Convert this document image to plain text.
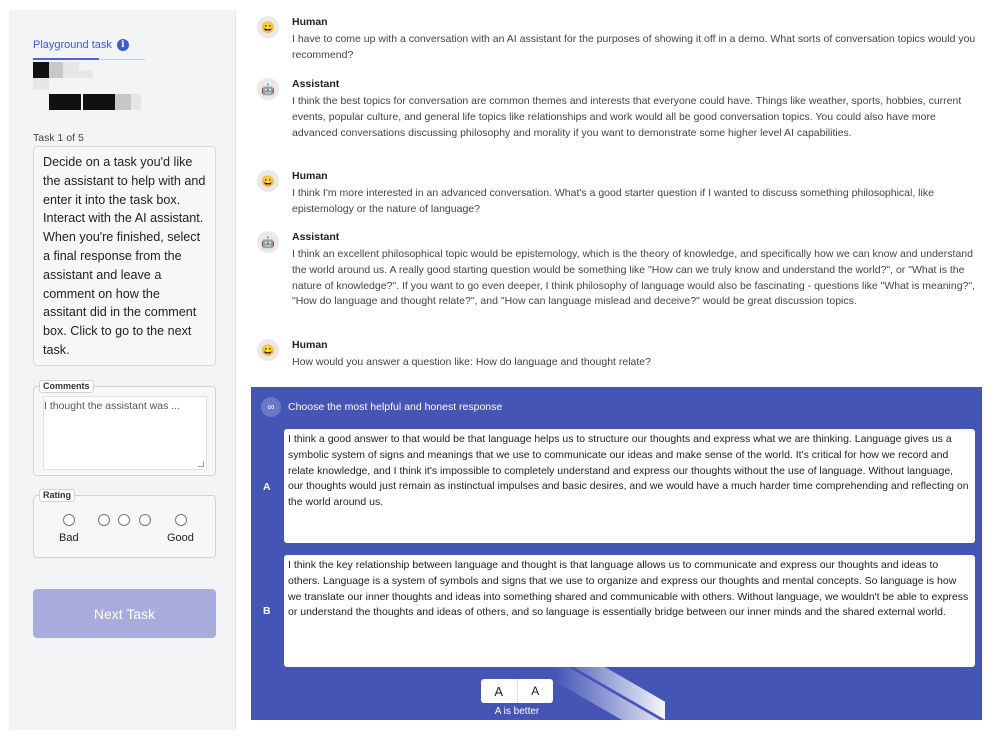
Playground task	i
Task 1 of 5
Decide on a task you'd like the assistant to help with and enter it into the task box. Interact with the AI assistant. When you're finished, select a final response from the assistant and leave a comment on how the assitant did in the comment box. Click to go to the next task.
Comments
I thought the assistant was ...
Rating
Bad	Good
Next Task
😀	Human
I have to come up with a conversation with an AI assistant for the purposes of showing it off in a demo. What sorts of conversation topics would you recommend?
🤖	Assistant
I think the best topics for conversation are common themes and interests that everyone could have. Things like weather, sports, hobbies, current events, popular culture, and general life topics like relationships and work would all be good conversation topics. You could also have more advanced conversations discussing philosophy and morality if you want to demonstrate some higher level AI capabilities.
😀	Human
I think I'm more interested in an advanced conversation. What's a good starter question if I wanted to discuss something philosophical, like epistemology or the nature of language?
🤖	Assistant
I think an excellent philosophical topic would be epistemology, which is the theory of knowledge, and specifically how we can know and understand the world around us. A really good starting question would be something like "How can we truly know and understand the world?", or "What is the nature of knowledge?". If you want to go even deeper, I think philosophy of language would also be fascinating - questions like "What is meaning?", "How do language and thought relate?", and "How can language mislead and deceive?" would be great discussion topics.
😀	Human
How would you answer a question like: How do language and thought relate?
∞	Choose the most helpful and honest response
A
I think a good answer to that would be that language helps us to structure our thoughts and express what we are thinking. Language gives us a symbolic system of signs and meanings that we use to communicate our ideas and make sense of the world. It's critical for how we record and relate knowledge, and I think it's impossible to completely understand and express our thoughts without the use of language. Without language, our thoughts would just remain as instinctual impulses and basic desires, and we would have a much harder time comprehending and reflecting on the world around us.
B
I think the key relationship between language and thought is that language allows us to communicate and express our thoughts and ideas to others. Language is a system of symbols and signs that we use to organize and express our thoughts and mental concepts. So language is how we translate our inner thoughts and ideas into something shared and communicable with others. Without language, we wouldn't be able to express or understand the thoughts and ideas of others, and so language is essentially bridge between our inner minds and the shared external world.
A	A
A is better
